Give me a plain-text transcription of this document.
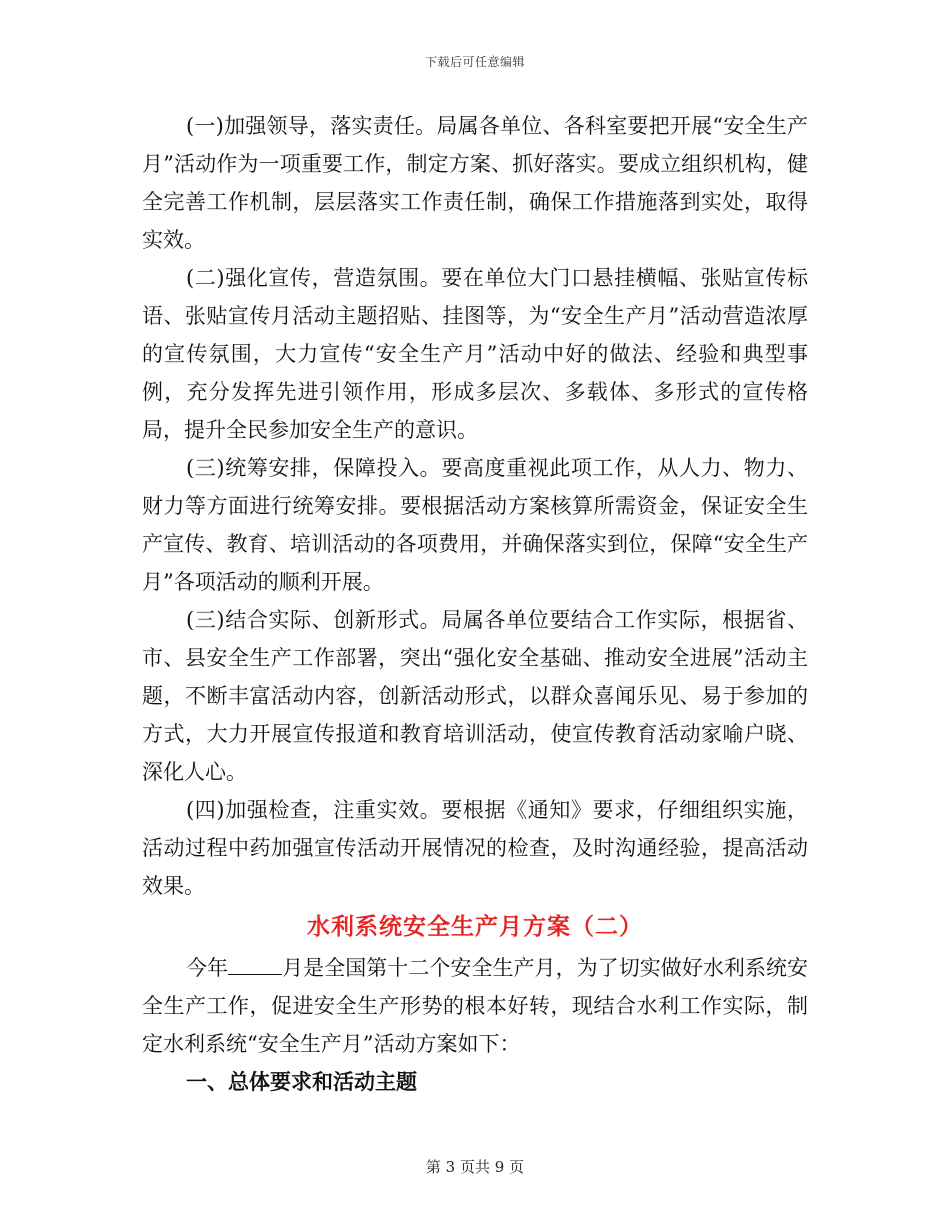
下载后可任意编辑

(一)加强领导，落实责任。局属各单位、各科室要把开展“安全生产月”活动作为一项重要工作，制定方案、抓好落实。要成立组织机构，健全完善工作机制，层层落实工作责任制，确保工作措施落到实处，取得实效。

(二)强化宣传，营造氛围。要在单位大门口悬挂横幅、张贴宣传标语、张贴宣传月活动主题招贴、挂图等，为“安全生产月”活动营造浓厚的宣传氛围，大力宣传“安全生产月”活动中好的做法、经验和典型事例，充分发挥先进引领作用，形成多层次、多载体、多形式的宣传格局，提升全民参加安全生产的意识。

(三)统筹安排，保障投入。要高度重视此项工作，从人力、物力、财力等方面进行统筹安排。要根据活动方案核算所需资金，保证安全生产宣传、教育、培训活动的各项费用，并确保落实到位，保障“安全生产月”各项活动的顺利开展。

(三)结合实际、创新形式。局属各单位要结合工作实际，根据省、市、县安全生产工作部署，突出“强化安全基础、推动安全进展”活动主题，不断丰富活动内容，创新活动形式，以群众喜闻乐见、易于参加的方式，大力开展宣传报道和教育培训活动，使宣传教育活动家喻户晓、深化人心。

(四)加强检查，注重实效。要根据《通知》要求，仔细组织实施，活动过程中药加强宣传活动开展情况的检查，及时沟通经验，提高活动效果。

水利系统安全生产月方案（二）

今年	月是全国第十二个安全生产月，为了切实做好水利系统安全生产工作，促进安全生产形势的根本好转，现结合水利工作实际，制定水利系统“安全生产月”活动方案如下：

一、总体要求和活动主题
第 3 页共 9 页
